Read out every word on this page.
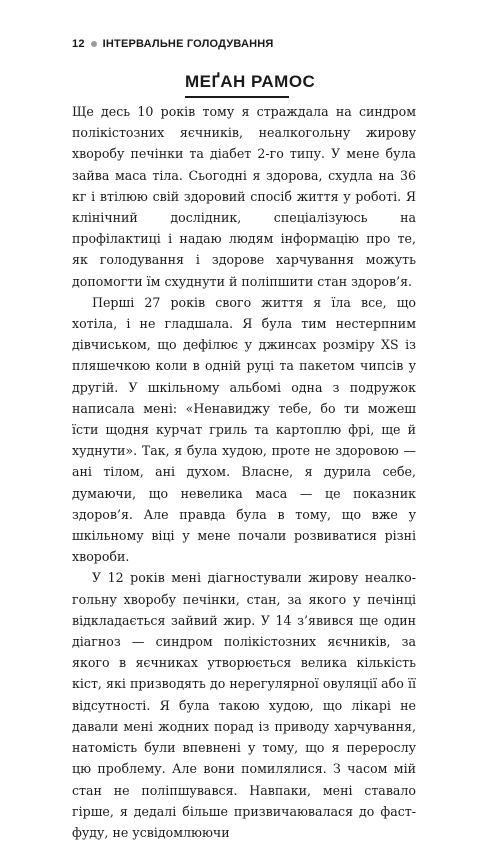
12 ІНТЕРВАЛЬНЕ ГОЛОДУВАННЯ
МЕҐАН РАМОС

Ще десь 10 років тому я страждала на синдром полікістозних яєчників, неалкогольну жирову хворобу печінки та діабет 2-го типу. У мене була зайва маса тіла. Сьогодні я здорова, схудла на 36 кг і втілюю свій здоровий спосіб життя у роботі. Я клінічний дослідник, спеціалізуюсь на профілактиці і надаю людям інформацію про те, як голодування і здорове харчування можуть допомогти їм схуднути й поліпшити стан здоров’я.

Перші 27 років свого життя я їла все, що хотіла, і не гладшала. Я була тим нестерпним дівчиськом, що дефілює у джинсах розміру XS із пляшечкою коли в одній руці та пакетом чипсів у другій. У шкільному альбомі одна з подружок написала мені: «Ненавиджу тебе, бо ти можеш їсти щодня курчат гриль та картоплю фрі, ще й худнути». Так, я була худою, проте не здоровою — ані тілом, ані духом. Власне, я дурила себе, думаючи, що невeлика маса — це показник здоров’я. Але правда була в тому, що вже у шкільному віці у мене почали розвиватися різні хвороби.

У 12 років мені діагностували жирову неалкогольну хворобу печінки, стан, за якого у печінці відкладається зайвий жир. У 14 з’явився ще один діагноз — синдром полікістозних яєчників, за якого в яєчниках утворюється велика кількість кіст, які призводять до нерегулярної овуляції або її відсутності. Я була такою худою, що лікарі не давали мені жодних порад із приводу харчування, натомість були впевнені у тому, що я перерослу цю проблему. Але вони помилялися. З часом мій стан не поліпшувався. Навпаки, мені ставало гірше, я дедалі більше призвичаювалася до фаст-фуду, не усвідомлюючи
